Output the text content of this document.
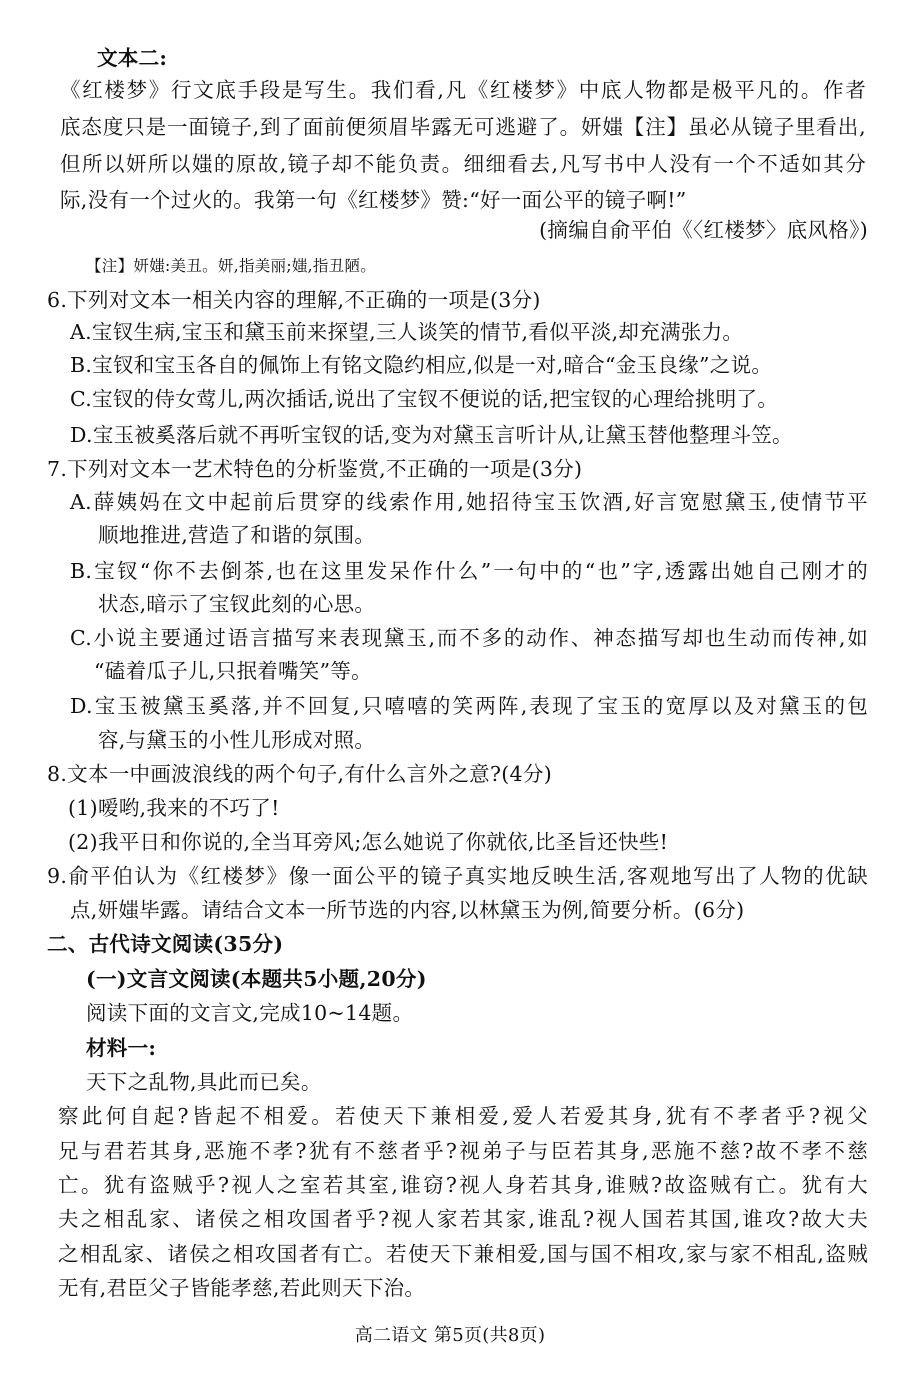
文本二:
《红楼梦》行文底手段是写生。我们看,凡《红楼梦》中底人物都是极平凡的。作者
底态度只是一面镜子,到了面前便须眉毕露无可逃避了。妍媸【注】虽必从镜子里看出,
但所以妍所以媸的原故,镜子却不能负责。细细看去,凡写书中人没有一个不适如其分
际,没有一个过火的。我第一句《红楼梦》赞:“好一面公平的镜子啊!”
(摘编自俞平伯《〈红楼梦〉底风格》)
【注】妍媸:美丑。妍,指美丽;媸,指丑陋。
6.下列对文本一相关内容的理解,不正确的一项是(3分)
A.宝钗生病,宝玉和黛玉前来探望,三人谈笑的情节,看似平淡,却充满张力。
B.宝钗和宝玉各自的佩饰上有铭文隐约相应,似是一对,暗合“金玉良缘”之说。
C.宝钗的侍女莺儿,两次插话,说出了宝钗不便说的话,把宝钗的心理给挑明了。
D.宝玉被奚落后就不再听宝钗的话,变为对黛玉言听计从,让黛玉替他整理斗笠。
7.下列对文本一艺术特色的分析鉴赏,不正确的一项是(3分)
A.薛姨妈在文中起前后贯穿的线索作用,她招待宝玉饮酒,好言宽慰黛玉,使情节平
顺地推进,营造了和谐的氛围。
B.宝钗“你不去倒茶,也在这里发呆作什么”一句中的“也”字,透露出她自己刚才的
状态,暗示了宝钗此刻的心思。
C.小说主要通过语言描写来表现黛玉,而不多的动作、神态描写却也生动而传神,如
“磕着瓜子儿,只抿着嘴笑”等。
D.宝玉被黛玉奚落,并不回复,只嘻嘻的笑两阵,表现了宝玉的宽厚以及对黛玉的包
容,与黛玉的小性儿形成对照。
8.文本一中画波浪线的两个句子,有什么言外之意?(4分)
(1)嗳哟,我来的不巧了!
(2)我平日和你说的,全当耳旁风;怎么她说了你就依,比圣旨还快些!
9.俞平伯认为《红楼梦》像一面公平的镜子真实地反映生活,客观地写出了人物的优缺
点,妍媸毕露。请结合文本一所节选的内容,以林黛玉为例,简要分析。(6分)
二、古代诗文阅读(35分)
(一)文言文阅读(本题共5小题,20分)
阅读下面的文言文,完成10~14题。
材料一:
天下之乱物,具此而已矣。
察此何自起?皆起不相爱。若使天下兼相爱,爱人若爱其身,犹有不孝者乎?视父
兄与君若其身,恶施不孝?犹有不慈者乎?视弟子与臣若其身,恶施不慈?故不孝不慈
亡。犹有盗贼乎?视人之室若其室,谁窃?视人身若其身,谁贼?故盗贼有亡。犹有大
夫之相乱家、诸侯之相攻国者乎?视人家若其家,谁乱?视人国若其国,谁攻?故大夫
之相乱家、诸侯之相攻国者有亡。若使天下兼相爱,国与国不相攻,家与家不相乱,盗贼
无有,君臣父子皆能孝慈,若此则天下治。
高二语文 第5页(共8页)
